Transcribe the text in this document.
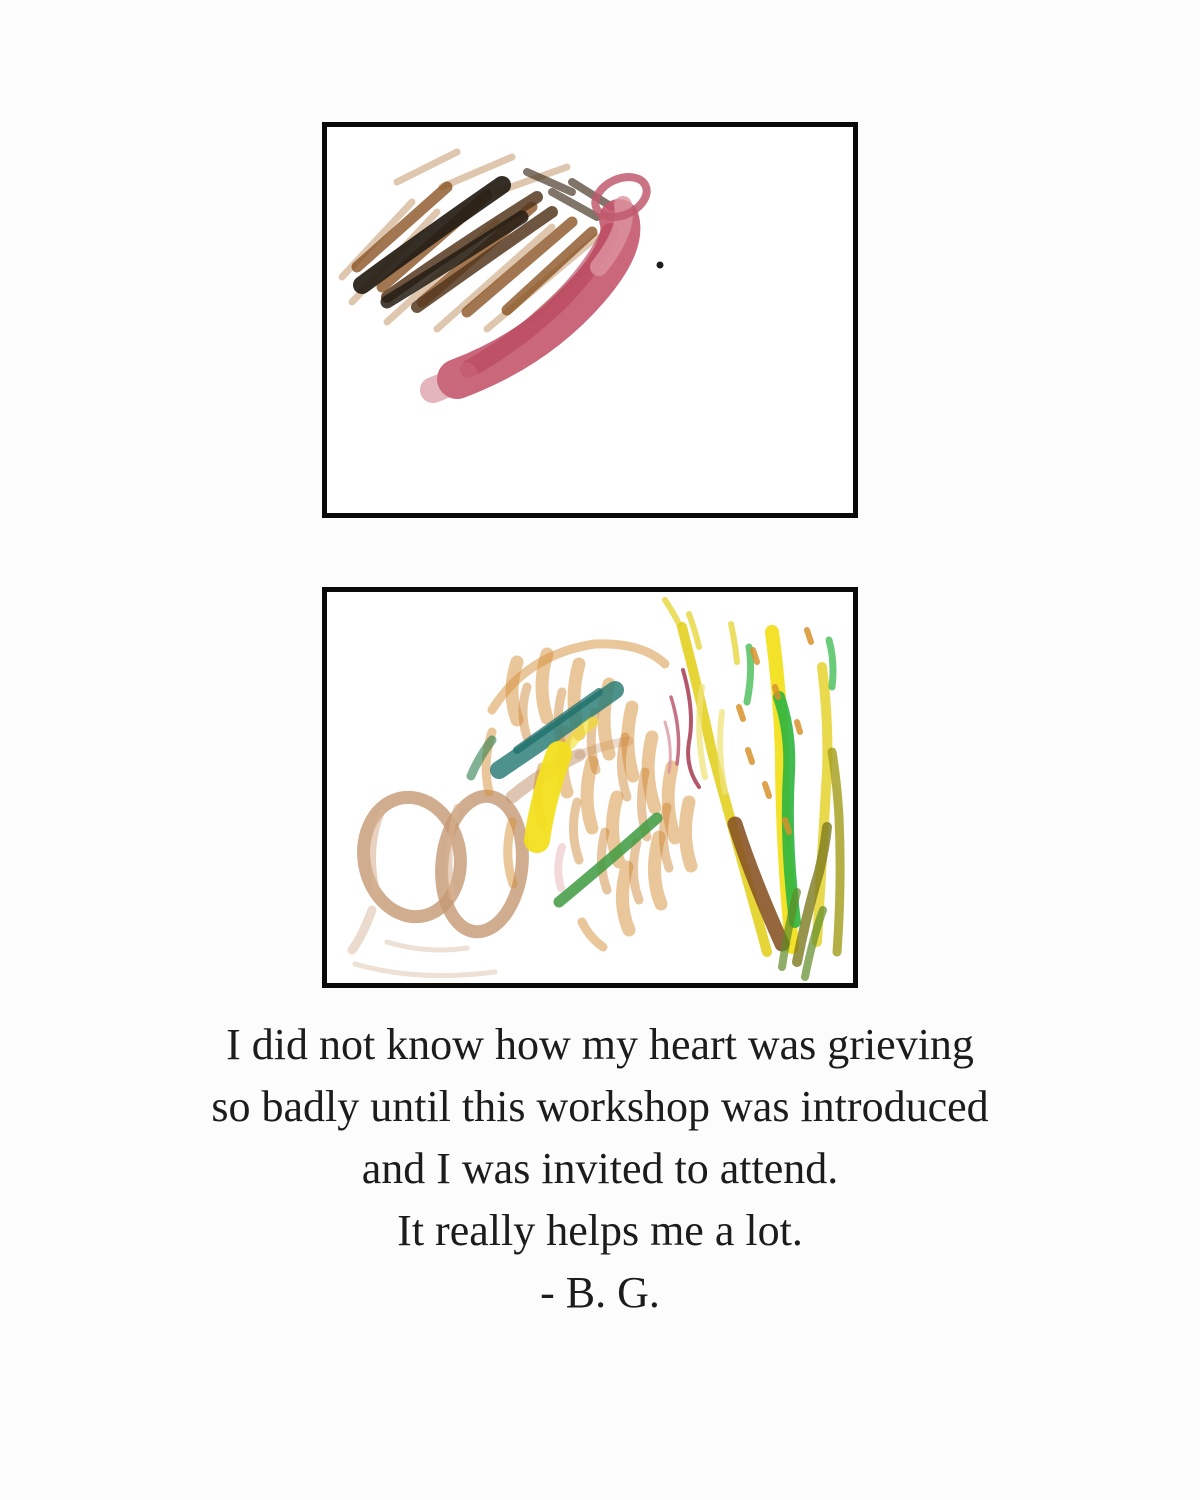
I did not know how my heart was grieving
so badly until this workshop was introduced
and I was invited to attend.
It really helps me a lot.
- B. G.
